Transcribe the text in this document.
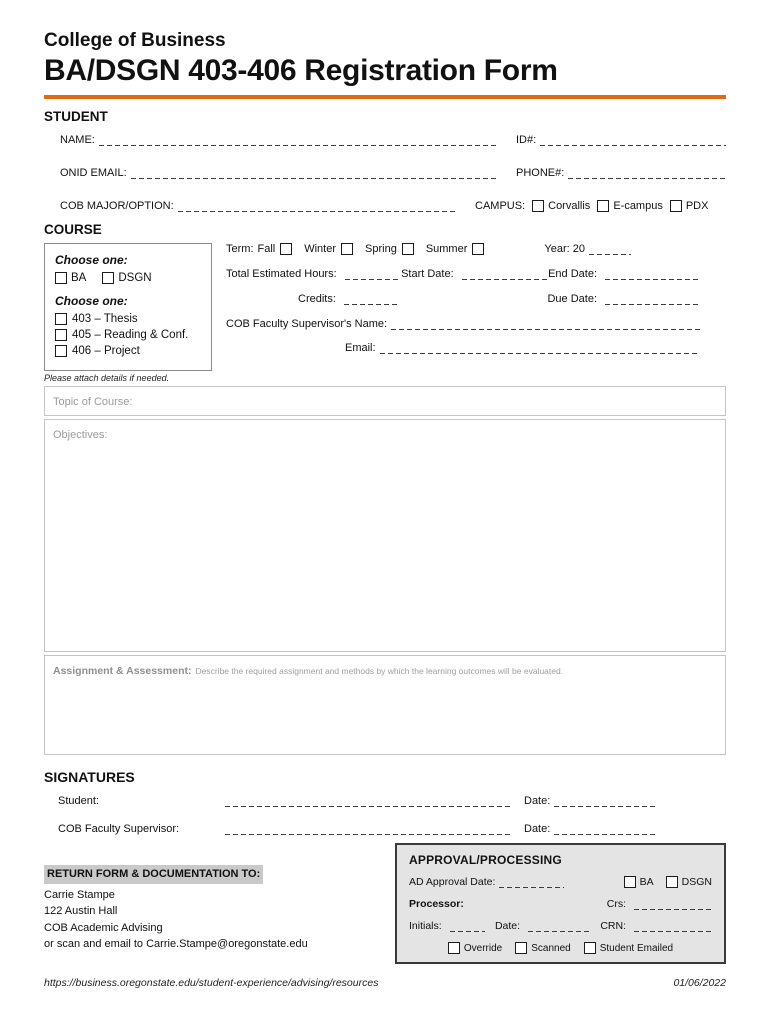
College of Business
BA/DSGN 403-406 Registration Form
STUDENT
NAME:	ID#:
ONID EMAIL:	PHONE#:
COB MAJOR/OPTION:	CAMPUS: Corvallis E-campus PDX
COURSE
Choose one:
BA	DSGN
Choose one:
403 – Thesis
405 – Reading & Conf.
406 – Project
Term: Fall	Winter	Spring	Summer	Year: 20
Total Estimated Hours:	Start Date:	End Date:
Credits:	Due Date:
COB Faculty Supervisor's Name:
Email:
Please attach details if needed.
Topic of Course:
Objectives:
Assignment & Assessment: Describe the required assignment and methods by which the learning outcomes will be evaluated.
SIGNATURES
Student:	Date:
COB Faculty Supervisor:	Date:
RETURN FORM & DOCUMENTATION TO:
Carrie Stampe
122 Austin Hall
COB Academic Advising
or scan and email to Carrie.Stampe@oregonstate.edu
APPROVAL/PROCESSING
AD Approval Date:	BA	DSGN
Processor:	Crs:
Initials:	Date:	CRN:
Override	Scanned	Student Emailed
https://business.oregonstate.edu/student-experience/advising/resources	01/06/2022
